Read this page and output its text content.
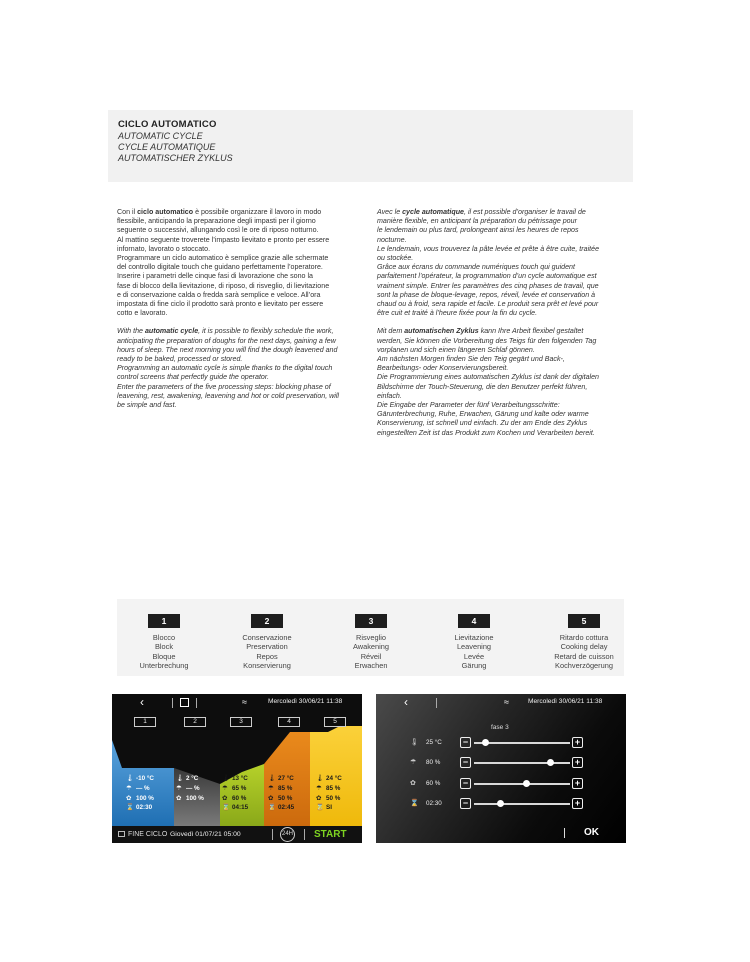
CICLO AUTOMATICO
AUTOMATIC CYCLE
CYCLE AUTOMATIQUE
AUTOMATISCHER ZYKLUS

Con il ciclo automatico è possibile organizzare il lavoro in modo
flessibile, anticipando la preparazione degli impasti per il giorno
seguente o successivi, allungando così le ore di riposo notturno.
Al mattino seguente troverete l’impasto lievitato e pronto per essere
infornato, lavorato o stoccato.
Programmare un ciclo automatico è semplice grazie alle schermate
del controllo digitale touch che guidano perfettamente l’operatore.
Inserire i parametri delle cinque fasi di lavorazione che sono la
fase di blocco della lievitazione, di riposo, di risveglio, di lievitazione
e di conservazione calda o fredda sarà semplice e veloce. All’ora
impostata di fine ciclo il prodotto sarà pronto e lievitato per essere
cotto e lavorato.

With the automatic cycle, it is possible to flexibly schedule the work,
anticipating the preparation of doughs for the next days, gaining a few
hours of sleep. The next morning you will find the dough leavened and
ready to be baked, processed or stored.
Programming an automatic cycle is simple thanks to the digital touch
control screens that perfectly guide the operator.
Enter the parameters of the five processing steps: blocking phase of
leavening, rest, awakening, leavening and hot or cold preservation, will
be simple and fast.

Avec le cycle automatique, il est possible d’organiser le travail de
manière flexible, en anticipant la préparation du pétrissage pour
le lendemain ou plus tard, prolongeant ainsi les heures de repos
nocturne.
Le lendemain, vous trouverez la pâte levée et prête à être cuite, traitée
ou stockée.
Grâce aux écrans du commande numériques touch qui guident
parfaitement l’opérateur, la programmation d’un cycle automatique est
vraiment simple. Entrer les paramètres des cinq phases de travail, que
sont la phase de bloque-levage, repos, réveil, levée et conservation à
chaud ou à froid, sera rapide et facile. Le produit sera prêt et levé pour
être cuit et traité à l’heure fixée pour la fin du cycle.

Mit dem automatischen Zyklus kann Ihre Arbeit flexibel gestaltet
werden, Sie können die Vorbereitung des Teigs für den folgenden Tag
vorplanen und sich einen längeren Schlaf gönnen.
Am nächsten Morgen finden Sie den Teig gegärt und Back-,
Bearbeitungs- oder Konservierungsbereit.
Die Programmierung eines automatischen Zyklus ist dank der digitalen
Bildschirme der Touch-Steuerung, die den Benutzer perfekt führen,
einfach.
Die Eingabe der Parameter der fünf Verarbeitungsschritte:
Gärunterbrechung, Ruhe, Erwachen, Gärung und kalte oder warme
Konservierung, ist schnell und einfach. Zu der am Ende des Zyklus
eingestellten Zeit ist das Produkt zum Kochen und Verarbeiten bereit.

1
Blocco
Block
Bloque
Unterbrechung
2
Conservazione
Preservation
Repos
Konservierung
3
Risveglio
Awakening
Réveil
Erwachen
4
Lievitazione
Leavening
Levée
Gärung
5
Ritardo cottura
Cooking delay
Retard de cuisson
Kochverzögerung
‹	≈	Mercoledì 30/06/21 11:38
1	2	3	4	5
🌡 -10 °C
☂ — %
✿ 100 %
⌛ 02:30
🌡 2 °C
☂ — %
✿ 100 %
🌡 13 °C
☂ 65 %
✿ 60 %
⌛ 04:15
🌡 27 °C
☂ 85 %
✿ 50 %
⌛ 02:45
🌡 24 °C
☂ 85 %
✿ 50 %
⌛ SI
FINE CICLO Giovedì 01/07/21 05:00	24H START
‹	≈	Mercoledì 30/06/21 11:38
fase 3
🌡 25 °C	−	+
☂ 80 %	−	+
✿ 60 %	−	+
⌛ 02:30	−	+
OK
